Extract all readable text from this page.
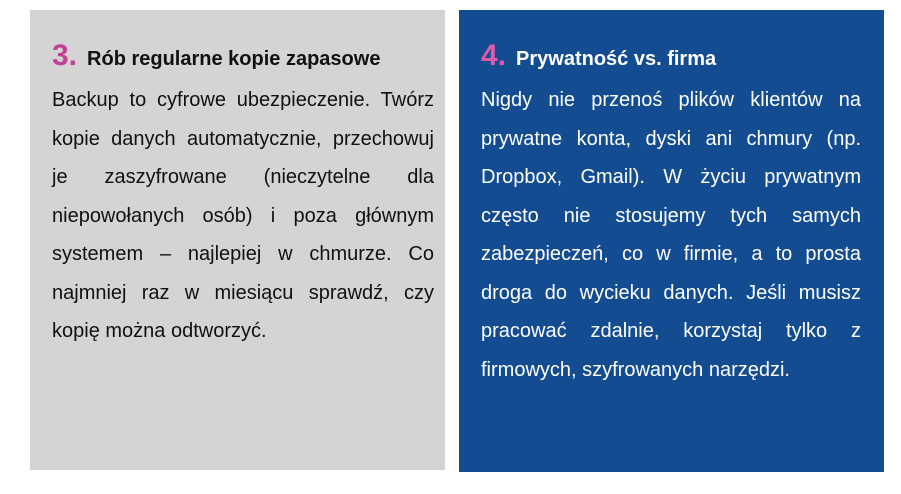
3. Rób regularne kopie zapasowe

Backup to cyfrowe ubezpieczenie. Twórz kopie danych automatycznie, przechowuj je zaszyfrowane (nieczytelne dla niepowołanych osób) i poza głównym systemem – najlepiej w chmurze. Co najmniej raz w miesiącu sprawdź, czy kopię można odtworzyć.

4. Prywatność vs. firma

Nigdy nie przenoś plików klientów na prywatne konta, dyski ani chmury (np. Dropbox, Gmail). W życiu prywatnym często nie stosujemy tych samych zabezpieczeń, co w firmie, a to prosta droga do wycieku danych. Jeśli musisz pracować zdalnie, korzystaj tylko z firmowych, szyfrowanych narzędzi.
